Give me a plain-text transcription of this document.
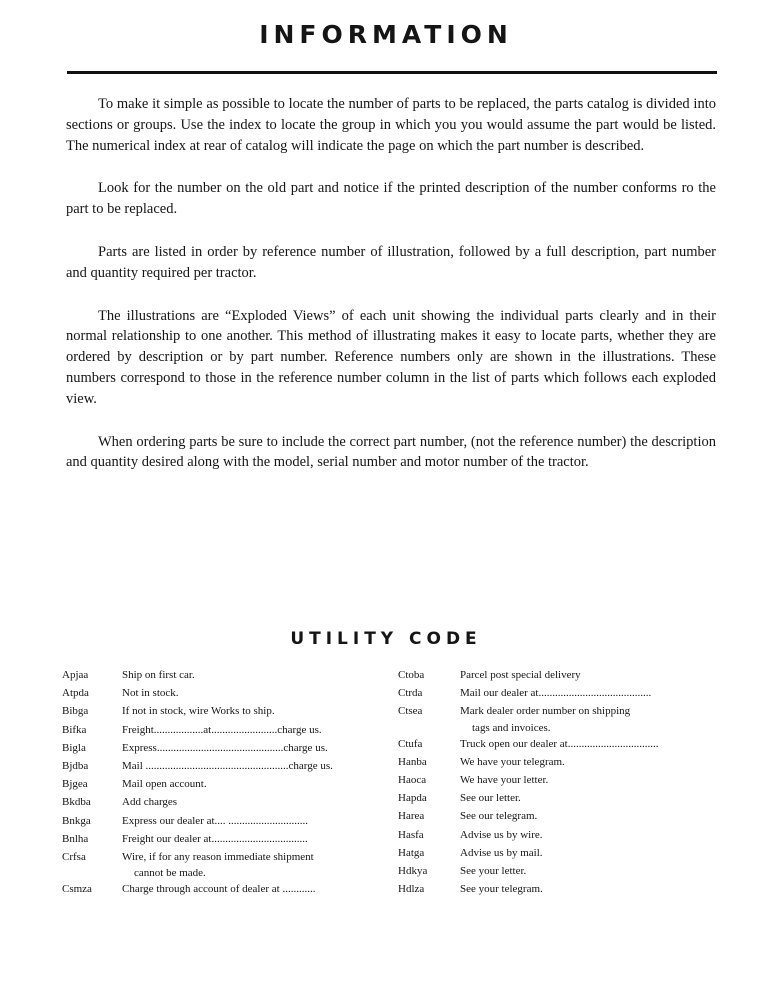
INFORMATION

To make it simple as possible to locate the number of parts to be replaced, the parts catalog is divided into sections or groups. Use the index to locate the group in which you you would assume the part would be listed. The numerical index at rear of catalog will indicate the page on which the part number is described.

Look for the number on the old part and notice if the printed description of the number conforms ro the part to be replaced.

Parts are listed in order by reference number of illustration, followed by a full description, part number and quantity required per tractor.

The illustrations are “Exploded Views” of each unit showing the individual parts clearly and in their normal relationship to one another. This method of illustrating makes it easy to locate parts, whether they are ordered by description or by part number. Reference numbers only are shown in the illustrations. These numbers correspond to those in the reference number column in the list of parts which follows each exploded view.

When ordering parts be sure to include the correct part number, (not the reference number) the description and quantity desired along with the model, serial number and motor number of the tractor.

UTILITY CODE
Apjaa	Ship on first car.
Atpda	Not in stock.
Bibga	If not in stock, wire Works to ship.
Bifka	Freight..................at........................charge us.
Bigla	Express..............................................charge us.
Bjdba	Mail ....................................................charge us.
Bjgea	Mail open account.
Bkdba	Add charges
Bnkga	Express our dealer at.... .............................
Bnlha	Freight our dealer at...................................
Crfsa	Wire, if for any reason immediate shipment
cannot be made.
Csmza	Charge through account of dealer at ............
Ctoba	Parcel post special delivery
Ctrda	Mail our dealer at.........................................
Ctsea	Mark dealer order number on shipping
tags and invoices.
Ctufa	Truck open our dealer at.................................
Hanba	We have your telegram.
Haoca	We have your letter.
Hapda	See our letter.
Harea	See our telegram.
Hasfa	Advise us by wire.
Hatga	Advise us by mail.
Hdkya	See your letter.
Hdlza	See your telegram.
